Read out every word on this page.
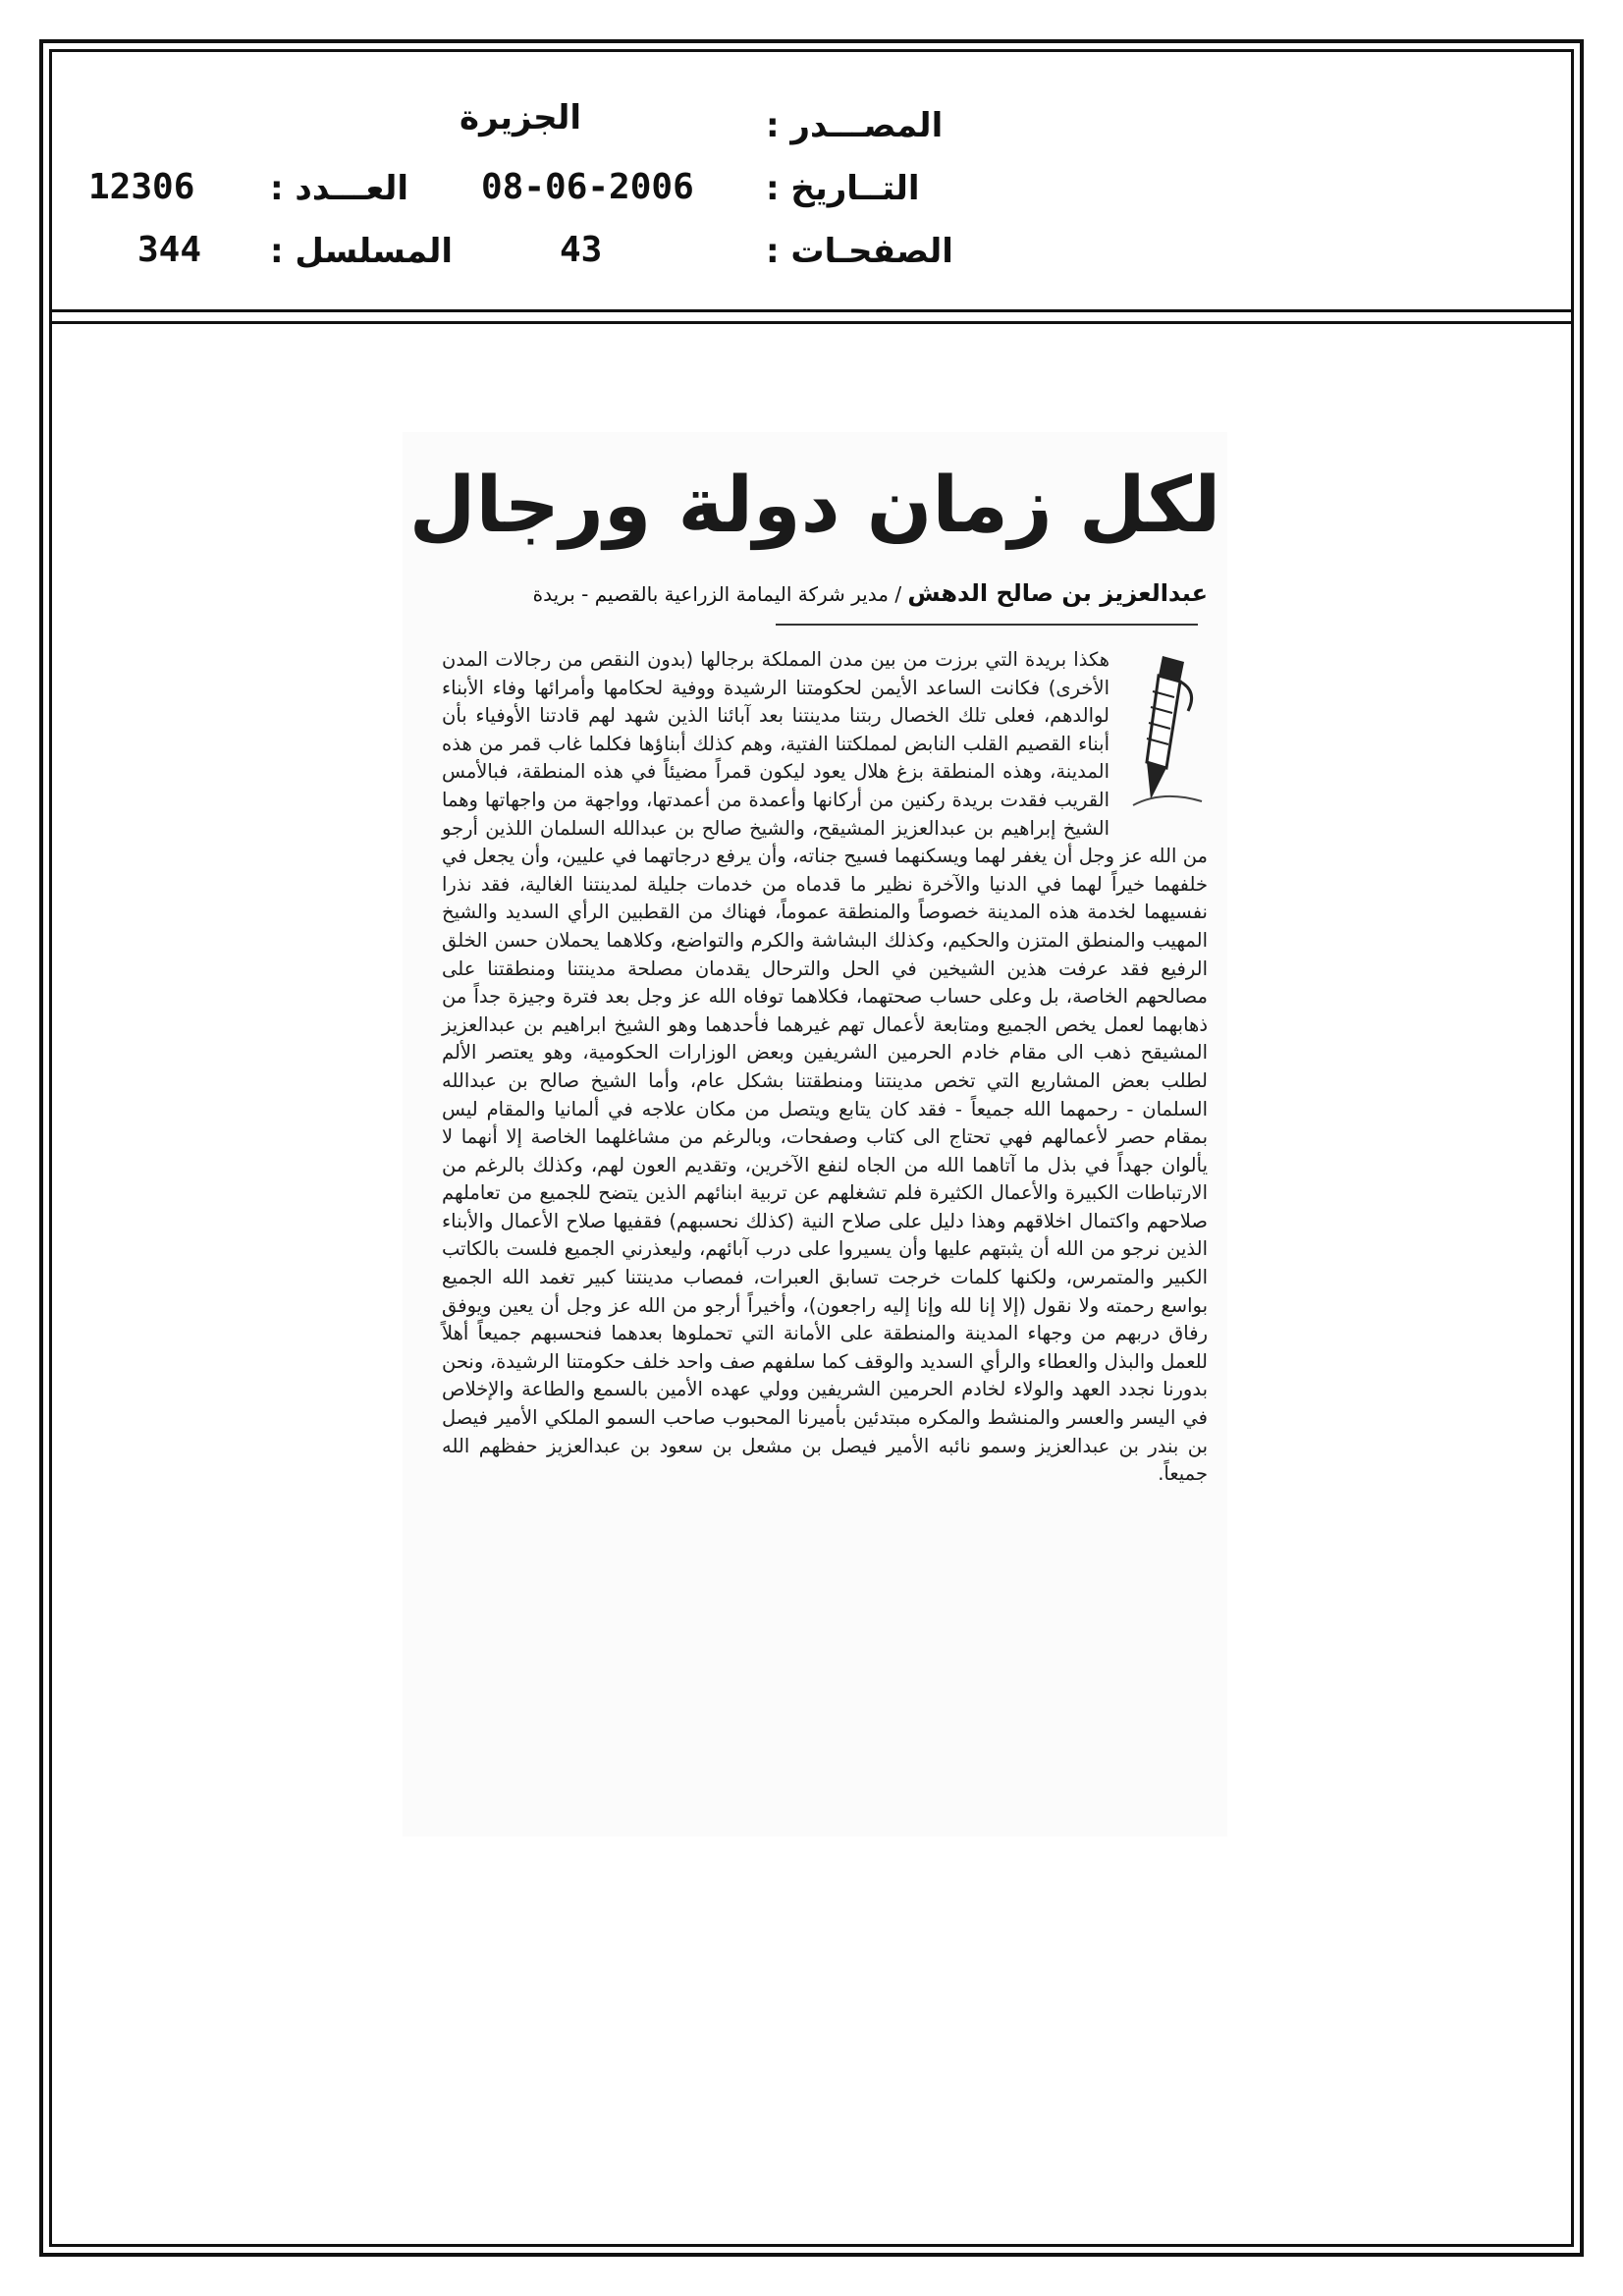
الجزيرة	المصـــدر :
12306 العـــدد : 08-06-2006 التــاريخ :
344 المسلسل :	43	الصفحـات :
لكل زمان دولة ورجال
عبدالعزيز بن صالح الدهش / مدير شركة اليمامة الزراعية بالقصيم - بريدة
هكذا بريدة التي برزت من بين مدن المملكة برجالها (بدون النقص من رجالات المدن الأخرى) فكانت الساعد الأيمن لحكومتنا الرشيدة ووفية لحكامها وأمرائها وفاء الأبناء لوالدهم، فعلى تلك الخصال ربتنا مدينتنا بعد آبائنا الذين شهد لهم قادتنا الأوفياء بأن أبناء القصيم القلب النابض لمملكتنا الفتية، وهم كذلك أبناؤها فكلما غاب قمر من هذه المدينة، وهذه المنطقة بزغ هلال يعود ليكون قمراً مضيئاً في هذه المنطقة، فبالأمس القريب فقدت بريدة ركنين من أركانها وأعمدة من أعمدتها، وواجهة من واجهاتها وهما الشيخ إبراهيم بن عبدالعزيز المشيقح، والشيخ صالح بن عبدالله السلمان اللذين أرجو من الله عز وجل أن يغفر لهما ويسكنهما فسيح جناته، وأن يرفع درجاتهما في عليين، وأن يجعل في خلفهما خيراً لهما في الدنيا والآخرة نظير ما قدماه من خدمات جليلة لمدينتنا الغالية، فقد نذرا نفسيهما لخدمة هذه المدينة خصوصاً والمنطقة عموماً، فهناك من القطبين الرأي السديد والشيخ المهيب والمنطق المتزن والحكيم، وكذلك البشاشة والكرم والتواضع، وكلاهما يحملان حسن الخلق الرفيع فقد عرفت هذين الشيخين في الحل والترحال يقدمان مصلحة مدينتنا ومنطقتنا على مصالحهم الخاصة، بل وعلى حساب صحتهما، فكلاهما توفاه الله عز وجل بعد فترة وجيزة جداً من ذهابهما لعمل يخص الجميع ومتابعة لأعمال تهم غيرهما فأحدهما وهو الشيخ ابراهيم بن عبدالعزيز المشيقح ذهب الى مقام خادم الحرمين الشريفين وبعض الوزارات الحكومية، وهو يعتصر الألم لطلب بعض المشاريع التي تخص مدينتنا ومنطقتنا بشكل عام، وأما الشيخ صالح بن عبدالله السلمان - رحمهما الله جميعاً - فقد كان يتابع ويتصل من مكان علاجه في ألمانيا والمقام ليس بمقام حصر لأعمالهم فهي تحتاج الى كتاب وصفحات، وبالرغم من مشاغلهما الخاصة إلا أنهما لا يألوان جهداً في بذل ما آتاهما الله من الجاه لنفع الآخرين، وتقديم العون لهم، وكذلك بالرغم من الارتباطات الكبيرة والأعمال الكثيرة فلم تشغلهم عن تربية ابنائهم الذين يتضح للجميع من تعاملهم صلاحهم واكتمال اخلاقهم وهذا دليل على صلاح النية (كذلك نحسبهم) فقفيها صلاح الأعمال والأبناء الذين نرجو من الله أن يثبتهم عليها وأن يسيروا على درب آبائهم، وليعذرني الجميع فلست بالكاتب الكبير والمتمرس، ولكنها كلمات خرجت تسابق العبرات، فمصاب مدينتنا كبير تغمد الله الجميع بواسع رحمته ولا نقول (إلا إنا لله وإنا إليه راجعون)، وأخيراً أرجو من الله عز وجل أن يعين ويوفق رفاق دربهم من وجهاء المدينة والمنطقة على الأمانة التي تحملوها بعدهما فنحسبهم جميعاً أهلاً للعمل والبذل والعطاء والرأي السديد والوقف كما سلفهم صف واحد خلف حكومتنا الرشيدة، ونحن بدورنا نجدد العهد والولاء لخادم الحرمين الشريفين وولي عهده الأمين بالسمع والطاعة والإخلاص في اليسر والعسر والمنشط والمكره مبتدئين بأميرنا المحبوب صاحب السمو الملكي الأمير فيصل بن بندر بن عبدالعزيز وسمو نائبه الأمير فيصل بن مشعل بن سعود بن عبدالعزيز حفظهم الله جميعاً.
